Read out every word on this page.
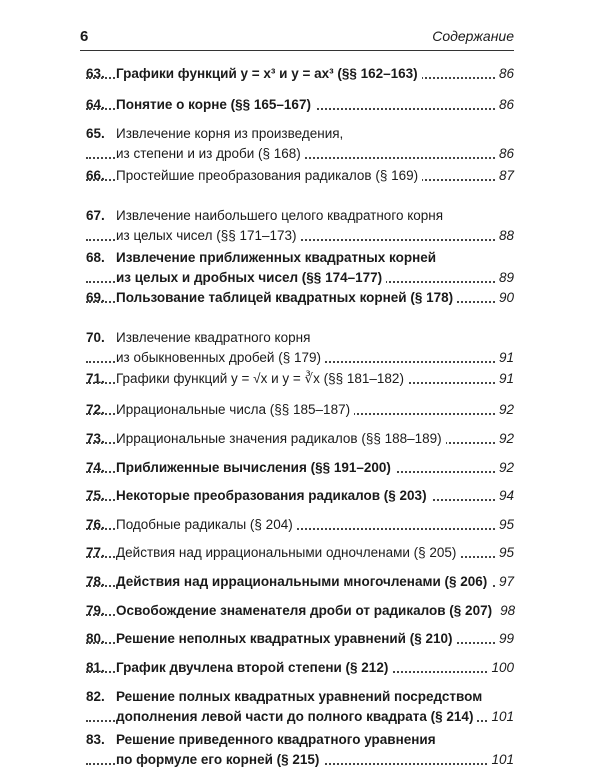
6	Содержание
63. Графики функций y = x³ и y = ax³ (§§ 162–163)	86
64. Понятие о корне (§§ 165–167)	86
65. Извлечение корня из произведения,
из степени и из дроби (§ 168)	86
66. Простейшие преобразования радикалов (§ 169)	87
67. Извлечение наибольшего целого квадратного корня
из целых чисел (§§ 171–173)	88
68. Извлечение приближенных квадратных корней
из целых и дробных чисел (§§ 174–177)	89
69. Пользование таблицей квадратных корней (§ 178)	90
70. Извлечение квадратного корня
из обыкновенных дробей (§ 179)	91
71. Графики функций y = √x и y = ∛x (§§ 181–182)	91
72. Иррациональные числа (§§ 185–187)	92
73. Иррациональные значения радикалов (§§ 188–189)	92
74. Приближенные вычисления (§§ 191–200)	92
75. Некоторые преобразования радикалов (§ 203)	94
76. Подобные радикалы (§ 204)	95
77. Действия над иррациональными одночленами (§ 205)	95
78. Действия над иррациональными многочленами (§ 206) 97
79. Освобождение знаменателя дроби от радикалов (§ 207) 98
80. Решение неполных квадратных уравнений (§ 210)	99
81. График двучлена второй степени (§ 212)	100
82. Решение полных квадратных уравнений посредством
дополнения левой части до полного квадрата (§ 214) 101
83. Решение приведенного квадратного уравнения
по формуле его корней (§ 215)	101
